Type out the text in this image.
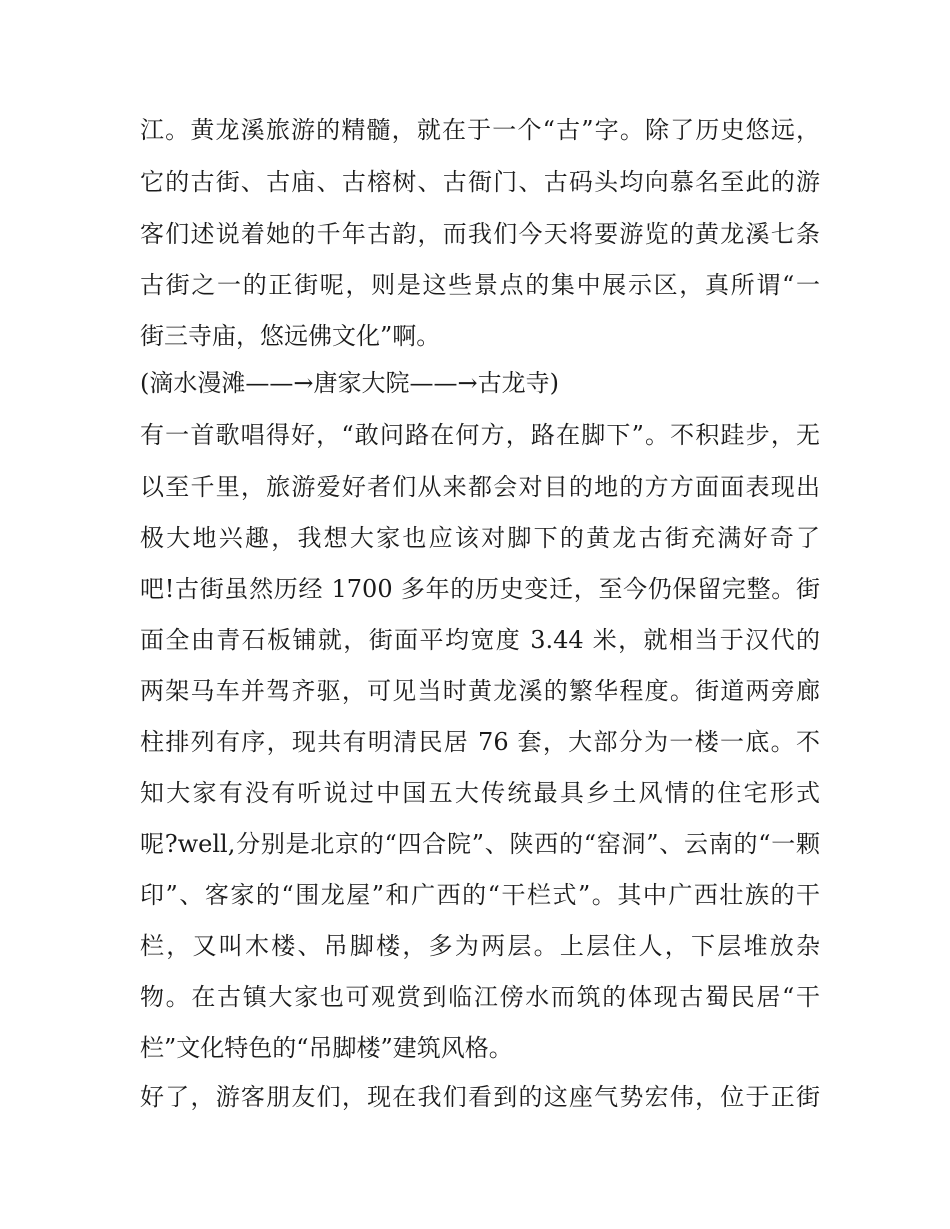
江。黄龙溪旅游的精髓，就在于一个“古”字。除了历史悠远，
它的古街、古庙、古榕树、古衙门、古码头均向慕名至此的游
客们述说着她的千年古韵，而我们今天将要游览的黄龙溪七条
古街之一的正街呢，则是这些景点的集中展示区，真所谓“一
街三寺庙，悠远佛文化”啊。
(滴水漫滩——→唐家大院——→古龙寺)
有一首歌唱得好，“敢问路在何方，路在脚下”。不积跬步，无
以至千里，旅游爱好者们从来都会对目的地的方方面面表现出
极大地兴趣，我想大家也应该对脚下的黄龙古街充满好奇了
吧!古街虽然历经 1700 多年的历史变迁，至今仍保留完整。街
面全由青石板铺就，街面平均宽度 3.44 米，就相当于汉代的
两架马车并驾齐驱，可见当时黄龙溪的繁华程度。街道两旁廊
柱排列有序，现共有明清民居 76 套，大部分为一楼一底。不
知大家有没有听说过中国五大传统最具乡土风情的住宅形式
呢?well,分别是北京的“四合院”、陕西的“窑洞”、云南的“一颗
印”、客家的“围龙屋”和广西的“干栏式”。其中广西壮族的干
栏，又叫木楼、吊脚楼，多为两层。上层住人，下层堆放杂
物。在古镇大家也可观赏到临江傍水而筑的体现古蜀民居“干
栏”文化特色的“吊脚楼”建筑风格。
好了，游客朋友们，现在我们看到的这座气势宏伟，位于正街
